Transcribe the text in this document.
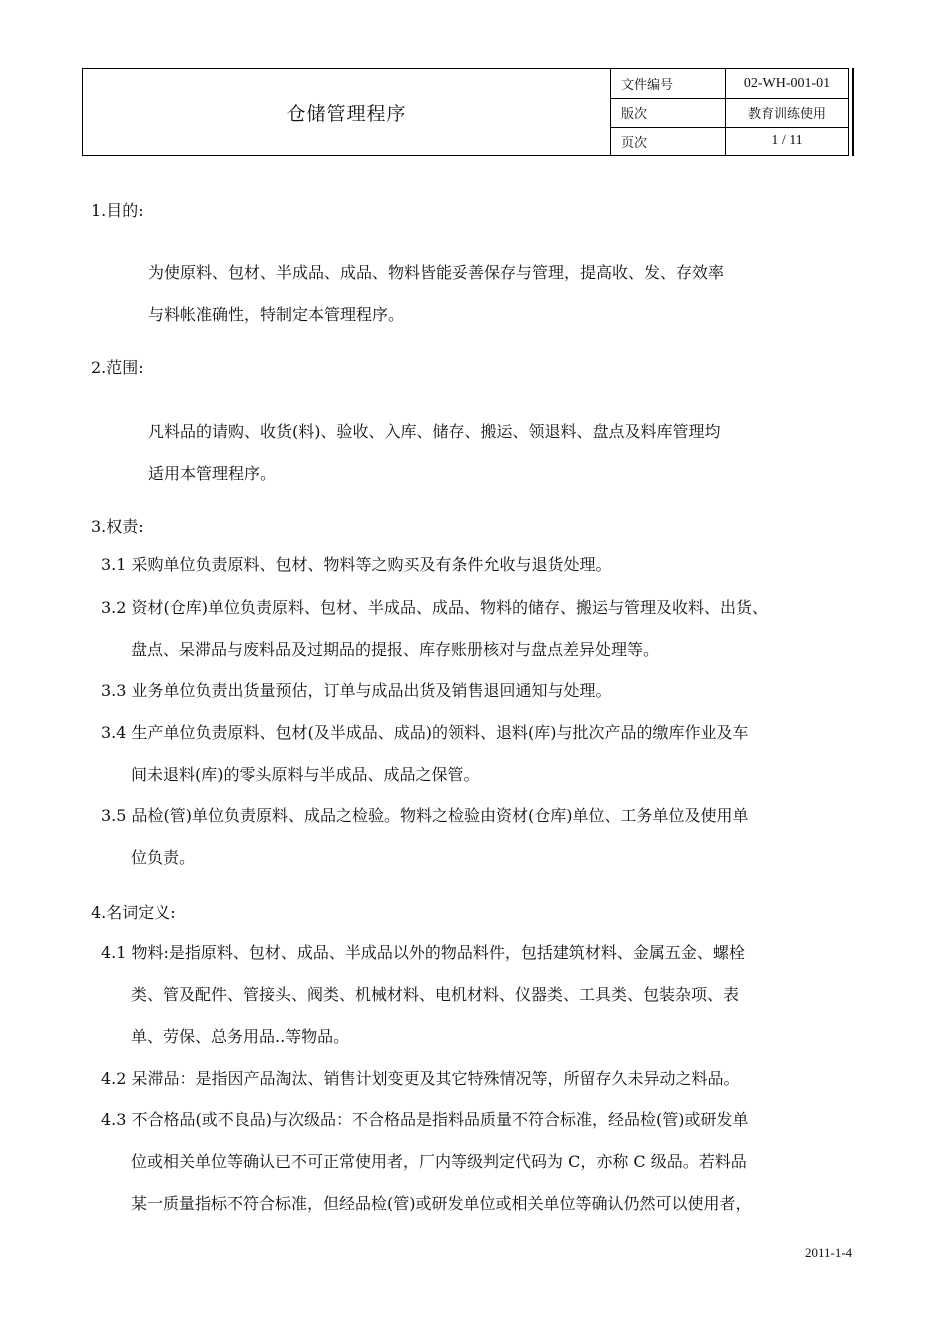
仓储管理程序
文件编号	02-WH-001-01
版次	教育训练使用
页次	1 / 11
1.目的:
为使原料、包材、半成品、成品、物料皆能妥善保存与管理，提高收、发、存效率
与料帐准确性，特制定本管理程序。
2.范围:
凡料品的请购、收货(料)、验收、入库、储存、搬运、领退料、盘点及料库管理均
适用本管理程序。
3.权责:
3.1 采购单位负责原料、包材、物料等之购买及有条件允收与退货处理。
3.2 资材(仓库)单位负责原料、包材、半成品、成品、物料的储存、搬运与管理及收料、出货、
盘点、呆滞品与废料品及过期品的提报、库存账册核对与盘点差异处理等。
3.3 业务单位负责出货量预估，订单与成品出货及销售退回通知与处理。
3.4 生产单位负责原料、包材(及半成品、成品)的领料、退料(库)与批次产品的缴库作业及车
间未退料(库)的零头原料与半成品、成品之保管。
3.5 品检(管)单位负责原料、成品之检验。物料之检验由资材(仓库)单位、工务单位及使用单
位负责。
4.名词定义:
4.1 物料:是指原料、包材、成品、半成品以外的物品料件，包括建筑材料、金属五金、螺栓
类、管及配件、管接头、阀类、机械材料、电机材料、仪器类、工具类、包装杂项、表
单、劳保、总务用品..等物品。
4.2 呆滞品：是指因产品淘汰、销售计划变更及其它特殊情况等，所留存久未异动之料品。
4.3 不合格品(或不良品)与次级品：不合格品是指料品质量不符合标准，经品检(管)或研发单
位或相关单位等确认已不可正常使用者，厂内等级判定代码为 C，亦称 C 级品。若料品
某一质量指标不符合标准，但经品检(管)或研发单位或相关单位等确认仍然可以使用者，
2011-1-4
